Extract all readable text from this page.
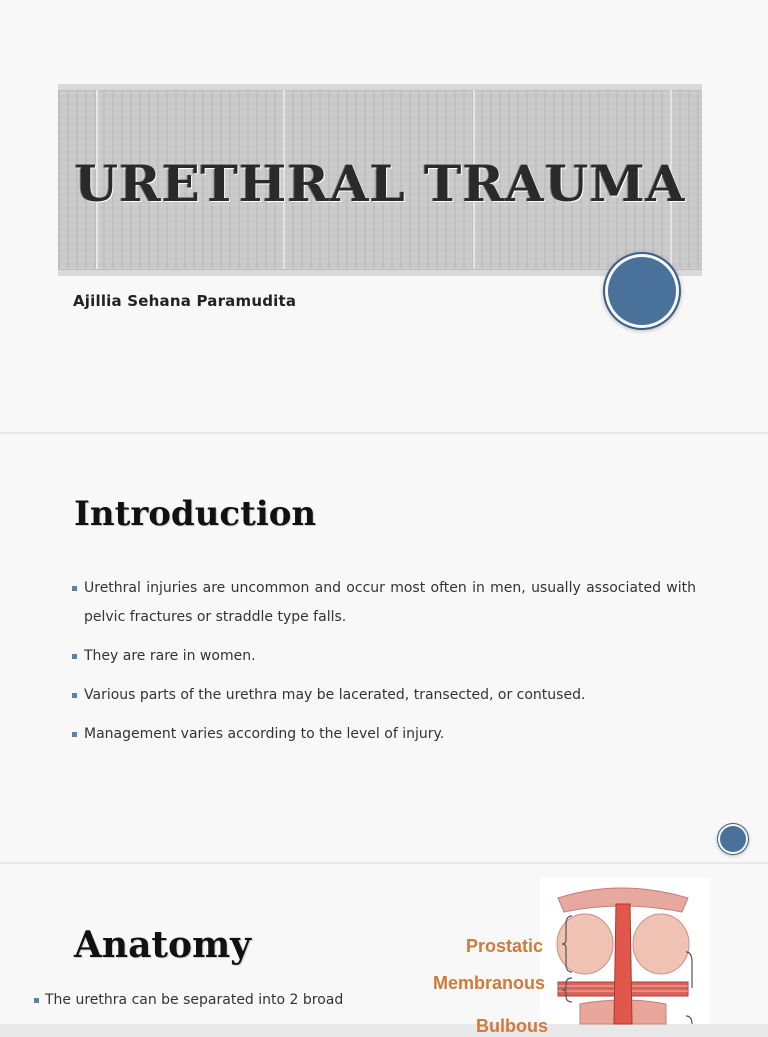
URETHRAL TRAUMA

Ajillia Sehana Paramudita

Introduction
Urethral injuries are uncommon and occur most often in men, usually associated with pelvic fractures or straddle type falls.
They are rare in women.
Various parts of the urethra may be lacerated, transected, or contused.
Management varies according to the level of injury.
Anatomy

The urethra can be separated into 2 broad

Prostatic

Membranous

Bulbous
